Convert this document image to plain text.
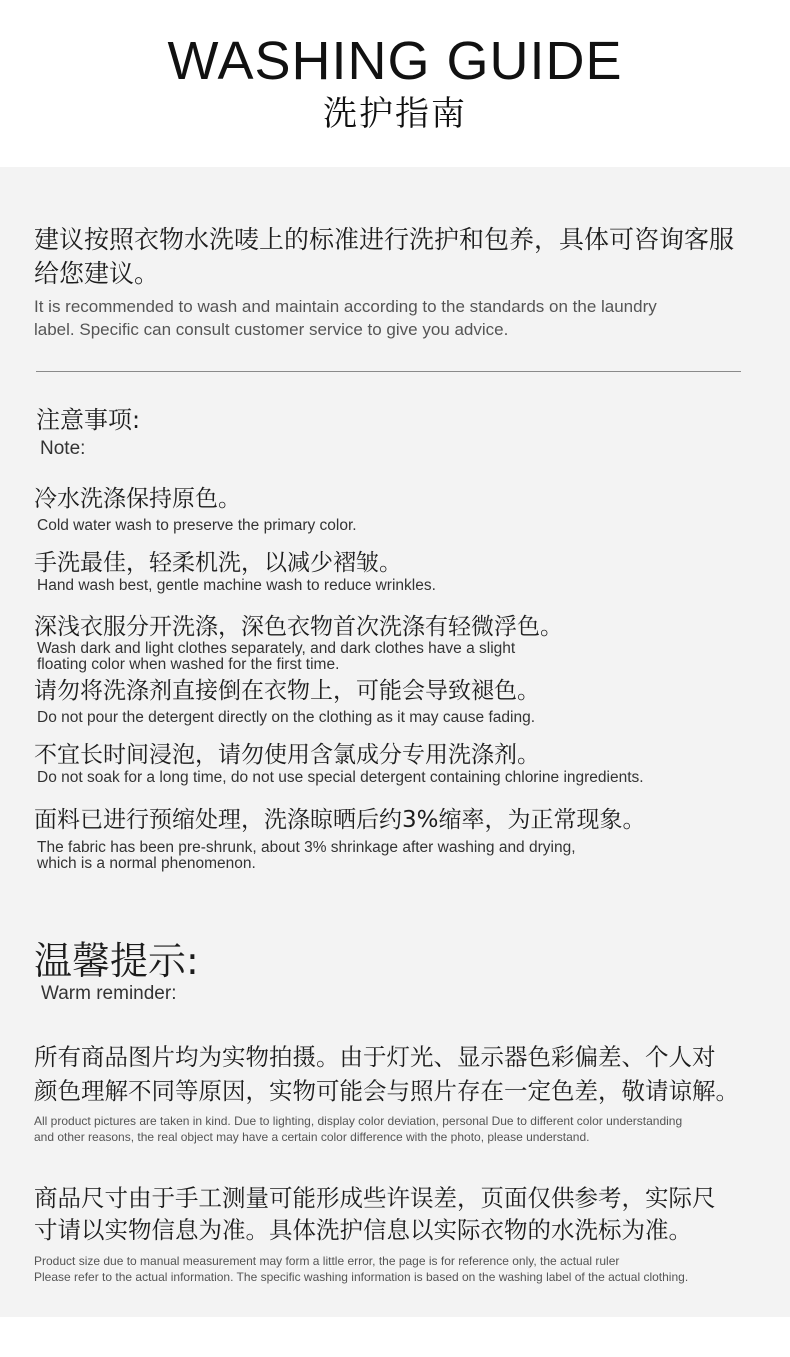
WASHING GUIDE
洗护指南
建议按照衣物水洗唛上的标准进行洗护和包养，具体可咨询客服
给您建议。
It is recommended to wash and maintain according to the standards on the laundry
label. Specific can consult customer service to give you advice.
注意事项:
Note:
冷水洗涤保持原色。
Cold water wash to preserve the primary color.
手洗最佳，轻柔机洗，以减少褶皱。
Hand wash best, gentle machine wash to reduce wrinkles.
深浅衣服分开洗涤，深色衣物首次洗涤有轻微浮色。
Wash dark and light clothes separately, and dark clothes have a slight
floating color when washed for the first time.
请勿将洗涤剂直接倒在衣物上，可能会导致褪色。
Do not pour the detergent directly on the clothing as it may cause fading.
不宜长时间浸泡，请勿使用含氯成分专用洗涤剂。
Do not soak for a long time, do not use special detergent containing chlorine ingredients.
面料已进行预缩处理，洗涤晾晒后约3%缩率，为正常现象。
The fabric has been pre-shrunk, about 3% shrinkage after washing and drying,
which is a normal phenomenon.
温馨提示:
Warm reminder:
所有商品图片均为实物拍摄。由于灯光、显示器色彩偏差、个人对
颜色理解不同等原因，实物可能会与照片存在一定色差，敬请谅解。
All product pictures are taken in kind. Due to lighting, display color deviation, personal Due to different color understanding
and other reasons, the real object may have a certain color difference with the photo, please understand.
商品尺寸由于手工测量可能形成些许误差，页面仅供参考，实际尺
寸请以实物信息为准。具体洗护信息以实际衣物的水洗标为准。
Product size due to manual measurement may form a little error, the page is for reference only, the actual ruler
Please refer to the actual information. The specific washing information is based on the washing label of the actual clothing.
